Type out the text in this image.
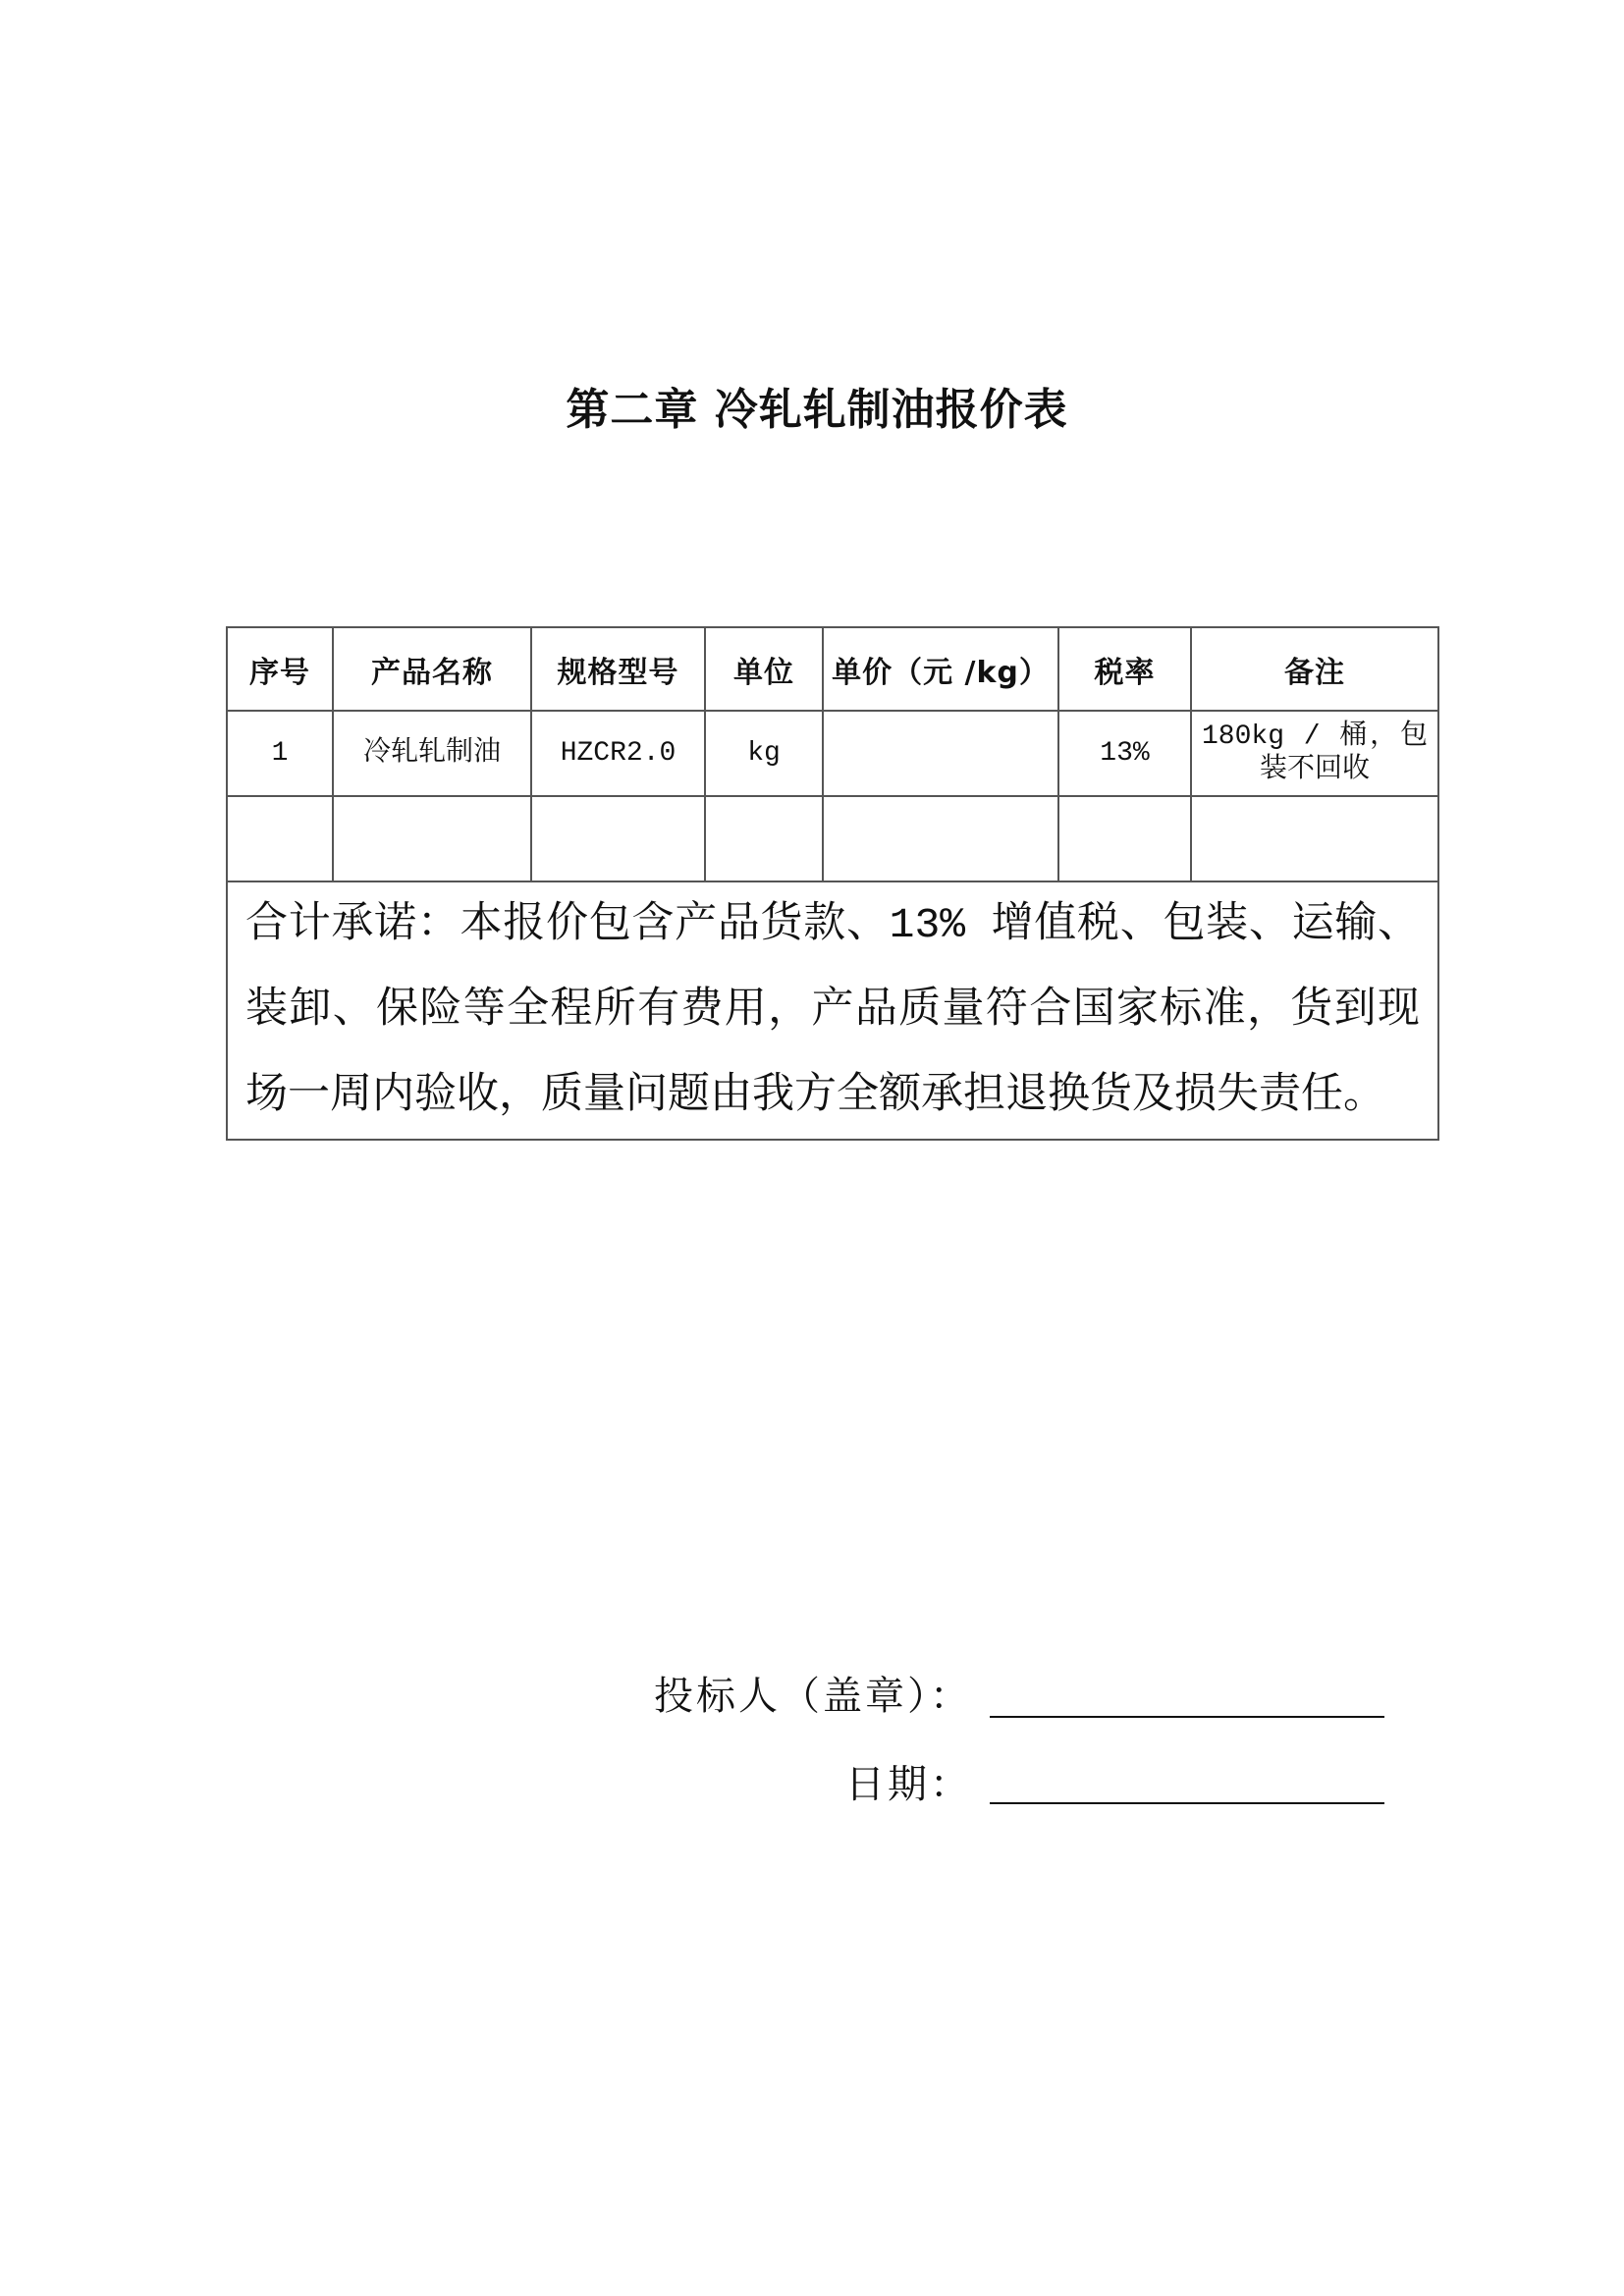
第二章 冷轧轧制油报价表
序号	产品名称	规格型号	单位	单价（元 /kg）	税率	备注
1	冷轧轧制油	HZCR2.0	kg		13%	180kg / 桶，包装不回收

合计承诺：本报价包含产品货款、13% 增值税、包装、运输、装卸、保险等全程所有费用，产品质量符合国家标准，货到现场一周内验收，质量问题由我方全额承担退换货及损失责任。						
投标人（盖章）：
日期：
